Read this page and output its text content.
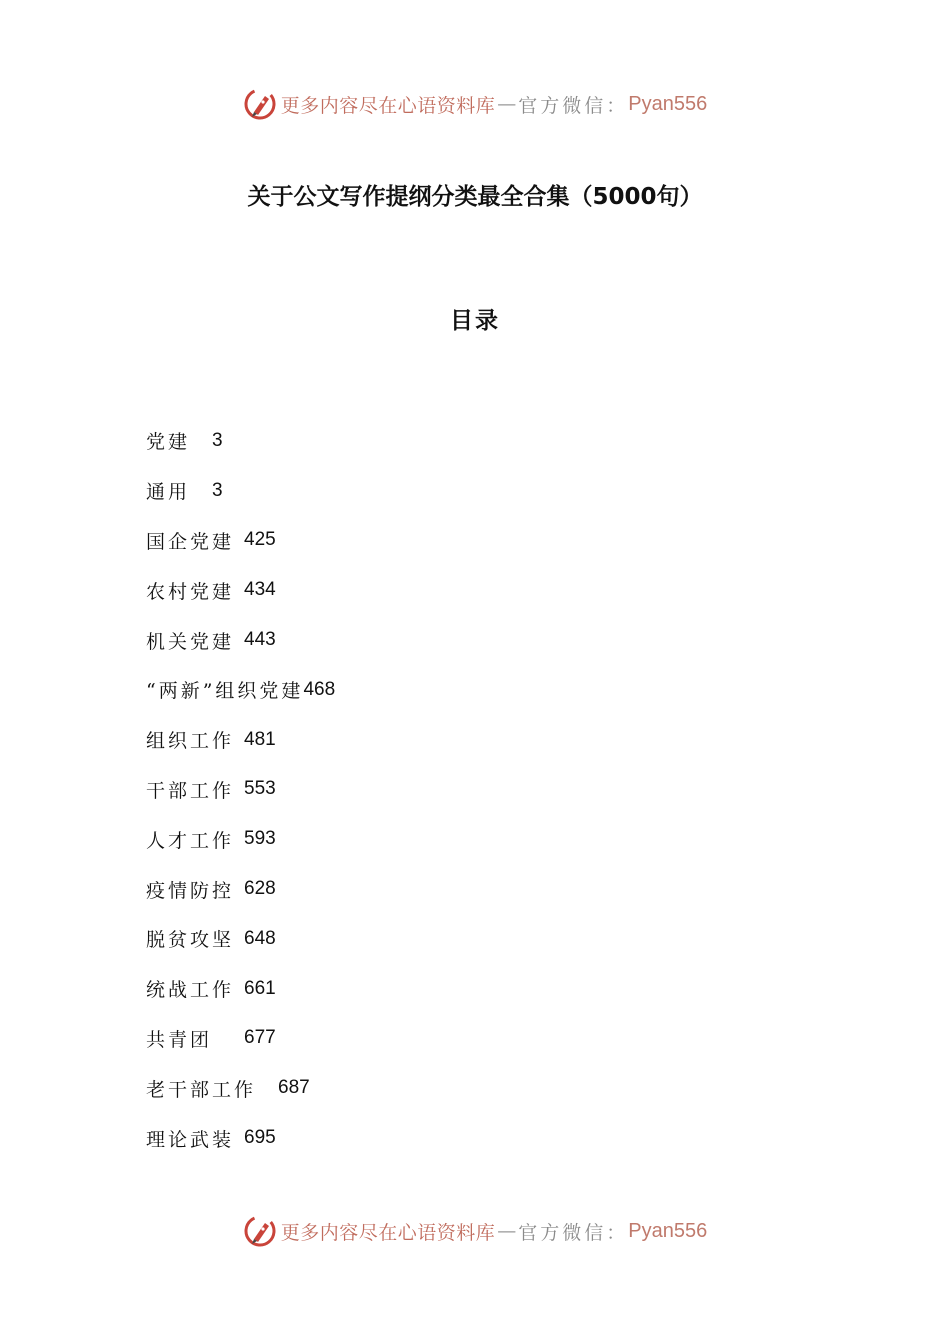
更多内容尽在心语资料库 — 官方微信： Pyan556
关于公文写作提纲分类最全合集（5000句）
目录
党建	3
通用	3
国企党建 425
农村党建 434
机关党建 443
“两新”组织党建 468
组织工作 481
干部工作 553
人才工作 593
疫情防控 628
脱贫攻坚 648
统战工作 661
共青团	677
老干部工作	687
理论武装 695
更多内容尽在心语资料库 — 官方微信： Pyan556
